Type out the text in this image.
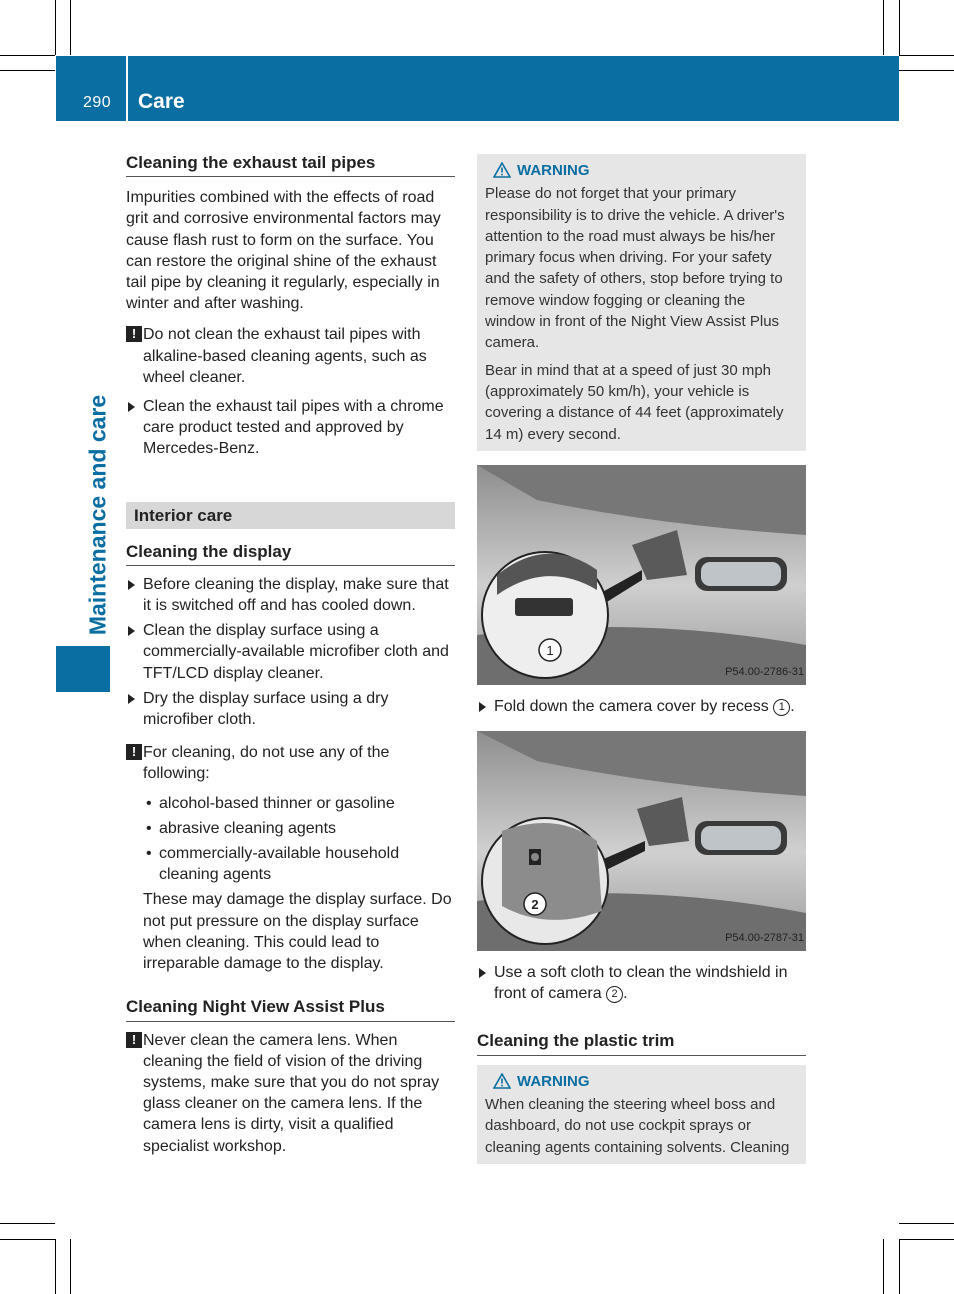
290 Care
Maintenance and care
Cleaning the exhaust tail pipes

Impurities combined with the effects of road grit and corrosive environmental factors may cause flash rust to form on the surface. You can restore the original shine of the exhaust tail pipe by cleaning it regularly, especially in winter and after washing.

! Do not clean the exhaust tail pipes with alkaline-based cleaning agents, such as wheel cleaner.
Clean the exhaust tail pipes with a chrome care product tested and approved by Mercedes-Benz.
Interior care
Cleaning the display
Before cleaning the display, make sure that it is switched off and has cooled down.
Clean the display surface using a commercially-available microfiber cloth and TFT/LCD display cleaner.
Dry the display surface using a dry microfiber cloth.
! For cleaning, do not use any of the following:
• alcohol-based thinner or gasoline
• abrasive cleaning agents
• commercially-available household cleaning agents

These may damage the display surface. Do not put pressure on the display surface when cleaning. This could lead to irreparable damage to the display.

Cleaning Night View Assist Plus
! Never clean the camera lens. When cleaning the field of vision of the driving systems, make sure that you do not spray glass cleaner on the camera lens. If the camera lens is dirty, visit a qualified specialist workshop.
WARNING

Please do not forget that your primary responsibility is to drive the vehicle. A driver's attention to the road must always be his/her primary focus when driving. For your safety and the safety of others, stop before trying to remove window fogging or cleaning the window in front of the Night View Assist Plus camera.

Bear in mind that at a speed of just 30 mph (approximately 50 km/h), your vehicle is covering a distance of 44 feet (approximately 14 m) every second.

1
P54.00-2786-31
Fold down the camera cover by recess 1 .
2
P54.00-2787-31
Use a soft cloth to clean the windshield in front of camera 2 .
Cleaning the plastic trim
WARNING

When cleaning the steering wheel boss and dashboard, do not use cockpit sprays or cleaning agents containing solvents. Cleaning
